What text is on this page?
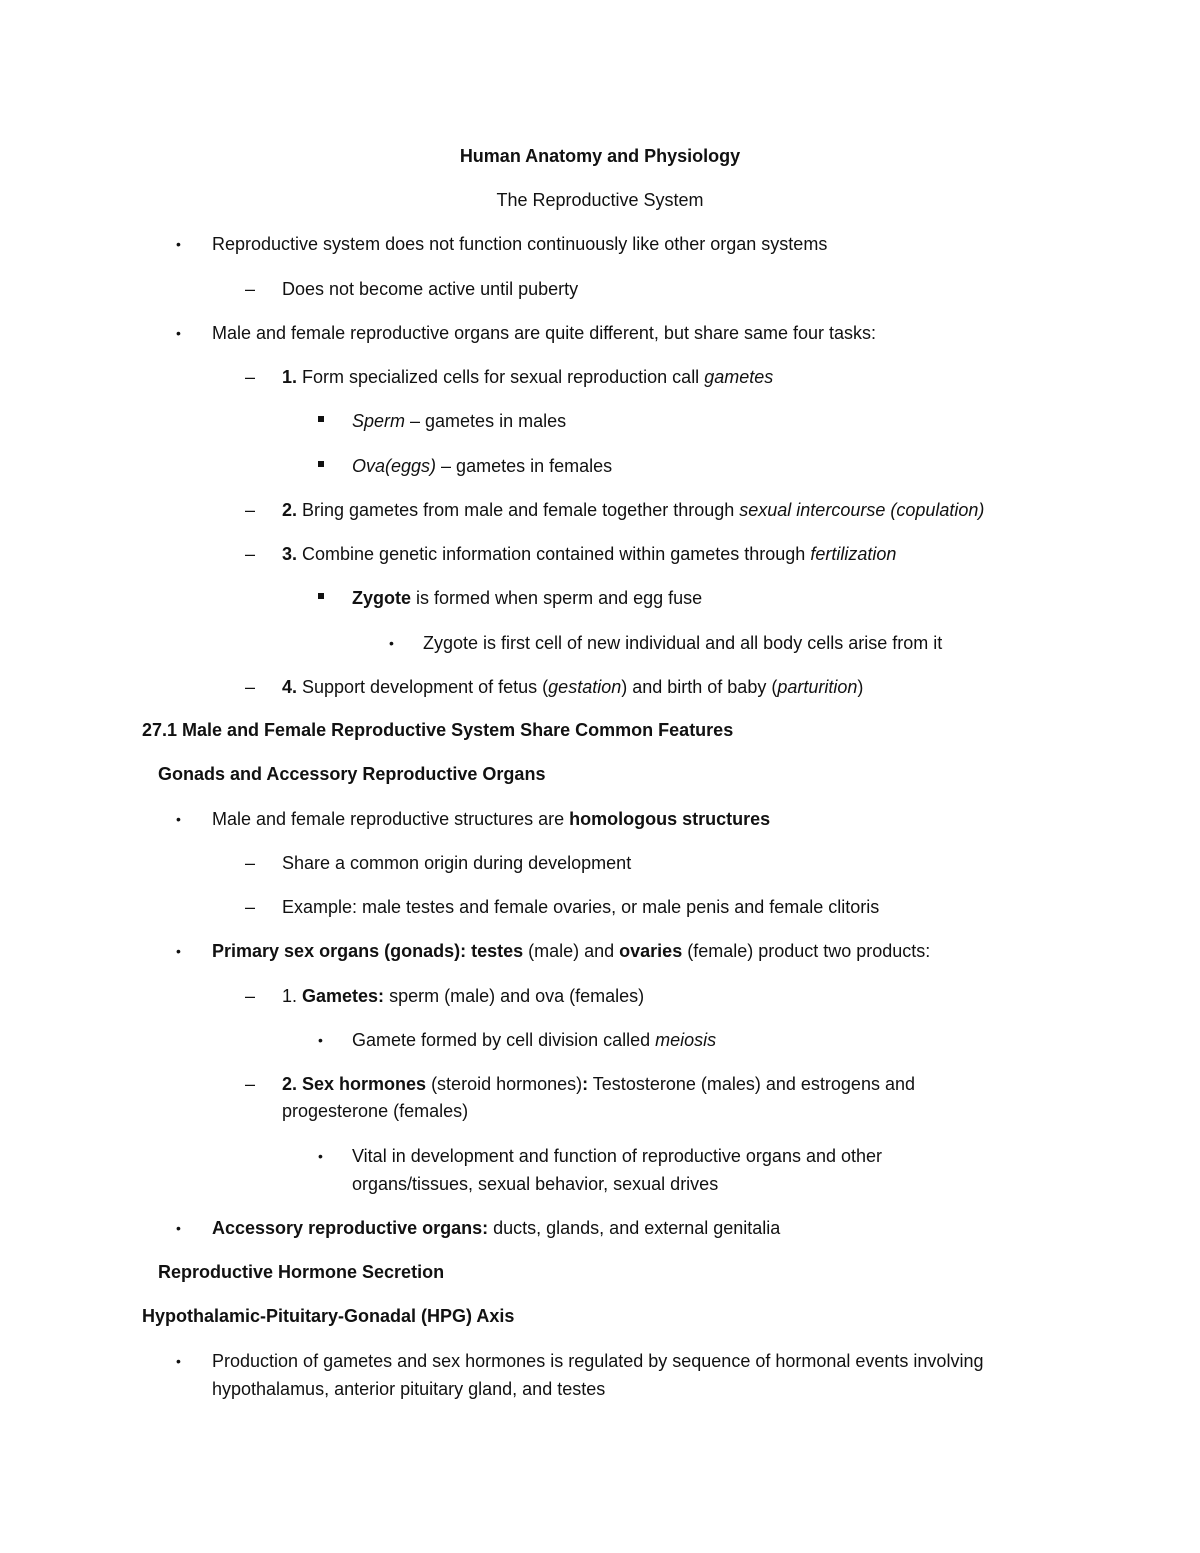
Human Anatomy and Physiology
The Reproductive System
• Reproductive system does not function continuously like other organ systems
– Does not become active until puberty
• Male and female reproductive organs are quite different, but share same four tasks:
– 1. Form specialized cells for sexual reproduction call gametes
Sperm – gametes in males
Ova(eggs) – gametes in females
– 2. Bring gametes from male and female together through sexual intercourse (copulation)
– 3. Combine genetic information contained within gametes through fertilization
Zygote is formed when sperm and egg fuse
• Zygote is first cell of new individual and all body cells arise from it
– 4. Support development of fetus (gestation) and birth of baby (parturition)
27.1 Male and Female Reproductive System Share Common Features
Gonads and Accessory Reproductive Organs
• Male and female reproductive structures are homologous structures
– Share a common origin during development
– Example: male testes and female ovaries, or male penis and female clitoris
• Primary sex organs (gonads): testes (male) and ovaries (female) product two products:
– 1. Gametes: sperm (male) and ova (females)
• Gamete formed by cell division called meiosis
– 2. Sex hormones (steroid hormones): Testosterone (males) and estrogens and
progesterone (females)
• Vital in development and function of reproductive organs and other
organs/tissues, sexual behavior, sexual drives
• Accessory reproductive organs: ducts, glands, and external genitalia
Reproductive Hormone Secretion
Hypothalamic-Pituitary-Gonadal (HPG) Axis
• Production of gametes and sex hormones is regulated by sequence of hormonal events involving
hypothalamus, anterior pituitary gland, and testes
